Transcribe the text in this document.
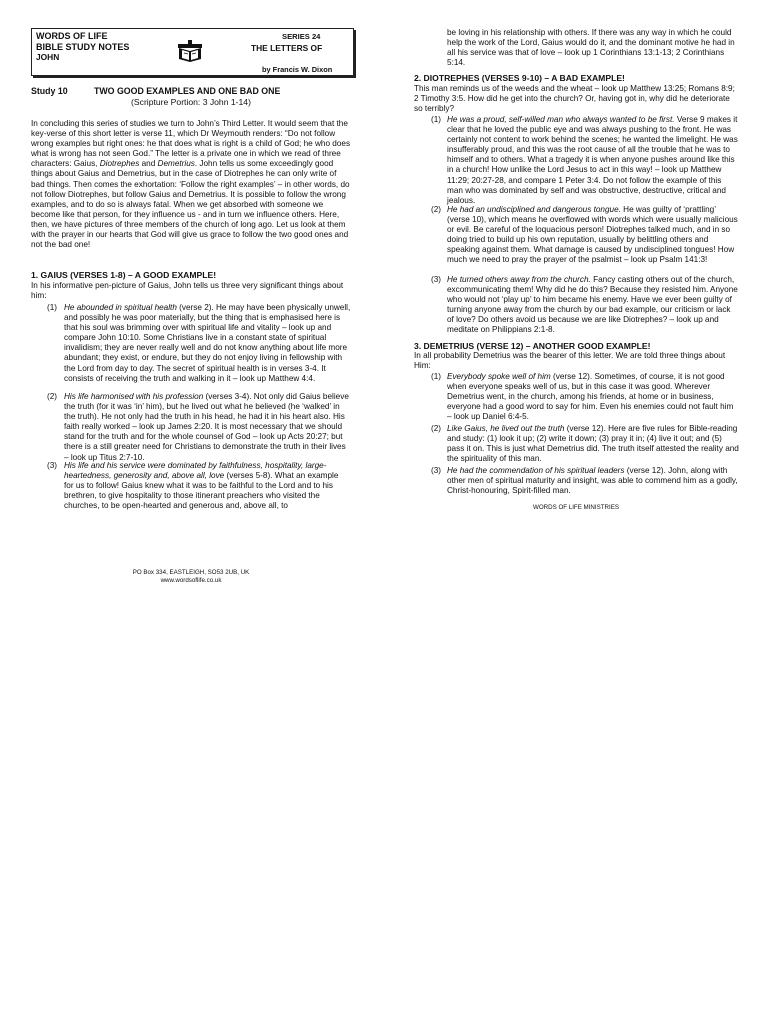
WORDS OF LIFE	SERIES 24
BIBLE STUDY NOTES	THE LETTERS OF
JOHN
by Francis W. Dixon
Study 10	TWO GOOD EXAMPLES AND ONE BAD ONE
(Scripture Portion: 3 John 1-14)

In concluding this series of studies we turn to John’s Third Letter. It would seem that the key-verse of this short letter is verse 11, which Dr Weymouth renders: “Do not follow wrong examples but right ones: he that does what is right is a child of God; he who does what is wrong has not seen God.” The letter is a private one in which we read of three characters: Gaius, Diotrephes and Demetrius. John tells us some exceedingly good things about Gaius and Demetrius, but in the case of Diotrephes he can only write of bad things. Then comes the exhortation: ‘Follow the right examples’ – in other words, do not follow Diotrephes, but follow Gaius and Demetrius. It is possible to follow the wrong examples, and to do so is always fatal. When we get absorbed with someone we become like that person, for they influence us - and in turn we influence others. Here, then, we have pictures of three members of the church of long ago. Let us look at them with the prayer in our hearts that God will give us grace to follow the two good ones and not the bad one!

1. GAIUS (VERSES 1-8) – A GOOD EXAMPLE!
In his informative pen-picture of Gaius, John tells us three very significant things about him:
(1) He abounded in spiritual health (verse 2). He may have been physically unwell, and possibly he was poor materially, but the thing that is emphasised here is that his soul was brimming over with spiritual life and vitality – look up and compare John 10:10. Some Christians live in a constant state of spiritual invalidism; they are never really well and do not know anything about life more abundant; they exist, or endure, but they do not enjoy living in fellowship with the Lord from day to day. The secret of spiritual health is in verses 3-4. It consists of receiving the truth and walking in it – look up Matthew 4:4.

(2) His life harmonised with his profession (verses 3-4). Not only did Gaius believe the truth (for it was ‘in’ him), but he lived out what he believed (he ‘walked’ in the truth). He not only had the truth in his head, he had it in his heart also. His faith really worked – look up James 2:20. It is most necessary that we should stand for the truth and for the whole counsel of God – look up Acts 20:27; but there is a still greater need for Christians to demonstrate the truth in their lives – look up Titus 2:7-10.

(3) His life and his service were dominated by faithfulness, hospitality, large-heartedness, generosity and, above all, love (verses 5-8). What an example for us to follow! Gaius knew what it was to be faithful to the Lord and to his brethren, to give hospitality to those itinerant preachers who visited the churches, to be open-hearted and generous and, above all, to

PO Box 334, EASTLEIGH, SO53 2UB, UK
www.wordsoflife.co.uk
be loving in his relationship with others. If there was any way in which he could help the work of the Lord, Gaius would do it, and the dominant motive he had in all his service was that of love – look up 1 Corinthians 13:1-13; 2 Corinthians 5:14.
2. DIOTREPHES (VERSES 9-10) – A BAD EXAMPLE!
This man reminds us of the weeds and the wheat – look up Matthew 13:25; Romans 8:9; 2 Timothy 3:5. How did he get into the church? Or, having got in, why did he deteriorate so terribly?
(1) He was a proud, self-willed man who always wanted to be first. Verse 9 makes it clear that he loved the public eye and was always pushing to the front. He was certainly not content to work behind the scenes; he wanted the limelight. He was insufferably proud, and this was the root cause of all the trouble that he was to himself and to others. What a tragedy it is when anyone pushes around like this in a church! How unlike the Lord Jesus to act in this way! – look up Matthew 11:29; 20:27-28, and compare 1 Peter 3:4. Do not follow the example of this man who was dominated by self and was obstructive, destructive, critical and jealous.

(2) He had an undisciplined and dangerous tongue. He was guilty of ‘prattling’ (verse 10), which means he overflowed with words which were usually malicious or evil. Be careful of the loquacious person! Diotrephes talked much, and in so doing tried to build up his own reputation, usually by belittling others and speaking against them. What damage is caused by undisciplined tongues! How much we need to pray the prayer of the psalmist – look up Psalm 141:3!

(3) He turned others away from the church. Fancy casting others out of the church, excommunicating them! Why did he do this? Because they resisted him. Anyone who would not ‘play up’ to him became his enemy. Have we ever been guilty of turning anyone away from the church by our bad example, our criticism or lack of love? Do others avoid us because we are like Diotrephes? – look up and meditate on Philippians 2:1-8.

3. DEMETRIUS (VERSE 12) – ANOTHER GOOD EXAMPLE!
In all probability Demetrius was the bearer of this letter. We are told three things about Him:
(1) Everybody spoke well of him (verse 12). Sometimes, of course, it is not good when everyone speaks well of us, but in this case it was good. Wherever Demetrius went, in the church, among his friends, at home or in business, everyone had a good word to say for him. Even his enemies could not fault him – look up Daniel 6:4-5.

(2) Like Gaius, he lived out the truth (verse 12). Here are five rules for Bible-reading and study: (1) look it up; (2) write it down; (3) pray it in; (4) live it out; and (5) pass it on. This is just what Demetrius did. The truth itself attested the reality and the spirituality of this man.

(3) He had the commendation of his spiritual leaders (verse 12). John, along with other men of spiritual maturity and insight, was able to commend him as a godly, Christ-honouring, Spirit-filled man.

WORDS OF LIFE MINISTRIES
